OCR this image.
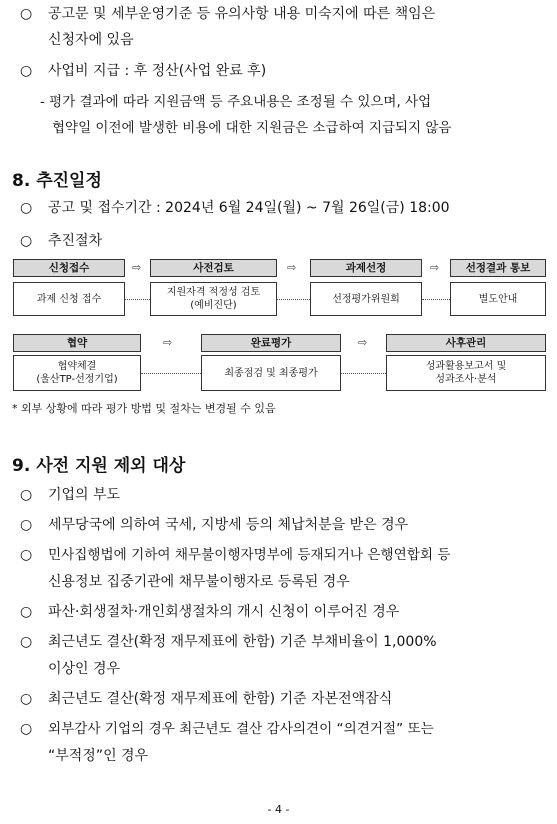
○ 공고문 및 세부운영기준 등 유의사항 내용 미숙지에 따른 책임은
신청자에 있음
○ 사업비 지급 : 후 정산(사업 완료 후)
- 평가 결과에 따라 지원금액 등 주요내용은 조정될 수 있으며, 사업
협약일 이전에 발생한 비용에 대한 지원금은 소급하여 지급되지 않음
8. 추진일정
○ 공고 및 접수기간 : 2024년 6월 24일(월) ~ 7월 26일(금) 18:00
○ 추진절차
신청접수
과제 신청 접수
⇨	사전검토
지원자격 적정성 검토
(예비진단)
⇨	과제선정
선정평가위원회
⇨	선정결과 통보
별도안내
협약
협약체결
(울산TP-선정기업)
⇨	완료평가
최종점검 및 최종평가
⇨	사후관리
성과활용보고서 및
성과조사·분석
* 외부 상황에 따라 평가 방법 및 절차는 변경될 수 있음
9. 사전 지원 제외 대상
○ 기업의 부도
○ 세무당국에 의하여 국세, 지방세 등의 체납처분을 받은 경우
○ 민사집행법에 기하여 채무불이행자명부에 등재되거나 은행연합회 등
신용정보 집중기관에 채무불이행자로 등록된 경우
○ 파산·회생절차·개인회생절차의 개시 신청이 이루어진 경우
○ 최근년도 결산(확정 재무제표에 한함) 기준 부채비율이 1,000%
이상인 경우
○ 최근년도 결산(확정 재무제표에 한함) 기준 자본전액잠식
○ 외부감사 기업의 경우 최근년도 결산 감사의견이 “의견거절” 또는
“부적정”인 경우
- 4 -
